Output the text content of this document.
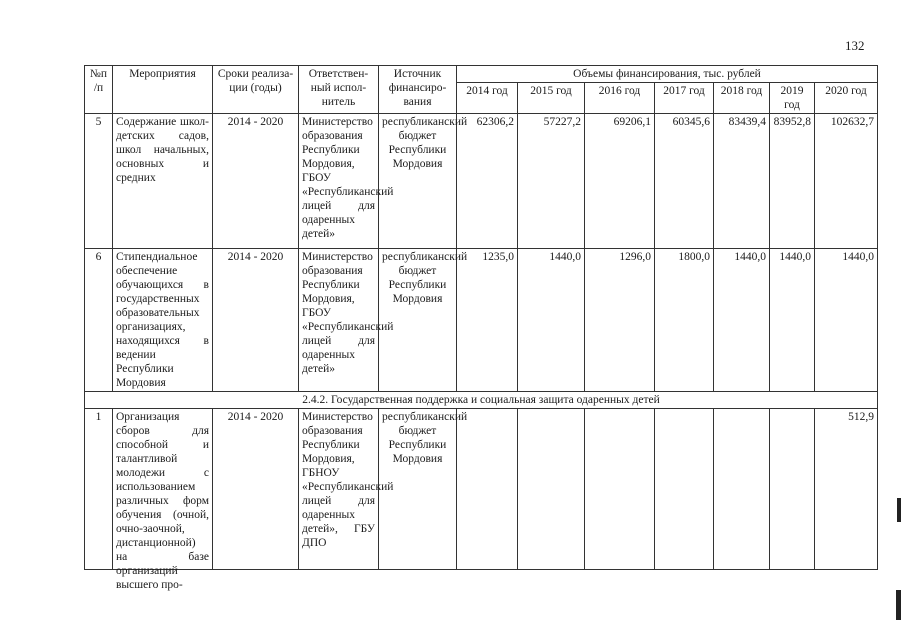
132
№п /п	Мероприятия	Сроки реализа-ции (годы)	Ответствен-ный испол-нитель	Источник финансиро-вания	Объемы финансирования, тыс. рублей						
					2014 год	2015 год	2016 год	2017 год	2018 год	2019 год	2020 год
5	Содержание школ-детских садов, школ начальных, основных и средних	2014 - 2020	Министерство образования Республики Мордовия, ГБОУ «Республиканский лицей для одаренных детей»	республиканский бюджет Республики Мордовия	62306,2	57227,2	69206,1	60345,6	83439,4	83952,8	102632,7
6	Стипендиальное обеспечение обучающихся в государственных образовательных организациях, находящихся в ведении Республики Мордовия	2014 - 2020	Министерство образования Республики Мордовия, ГБОУ «Республиканский лицей для одаренных детей»	республиканский бюджет Республики Мордовия	1235,0	1440,0	1296,0	1800,0	1440,0	1440,0	1440,0
2.4.2. Государственная поддержка и социальная защита одаренных детей											
1	Организация сборов для способной и талантливой молодежи с использованием различных форм обучения (очной, очно-заочной, дистанционной) на базе организаций высшего про-	2014 - 2020	Министерство образования Республики Мордовия, ГБНОУ «Республиканский лицей для одаренных детей», ГБУ ДПО	республиканский бюджет Республики Мордовия							512,9
